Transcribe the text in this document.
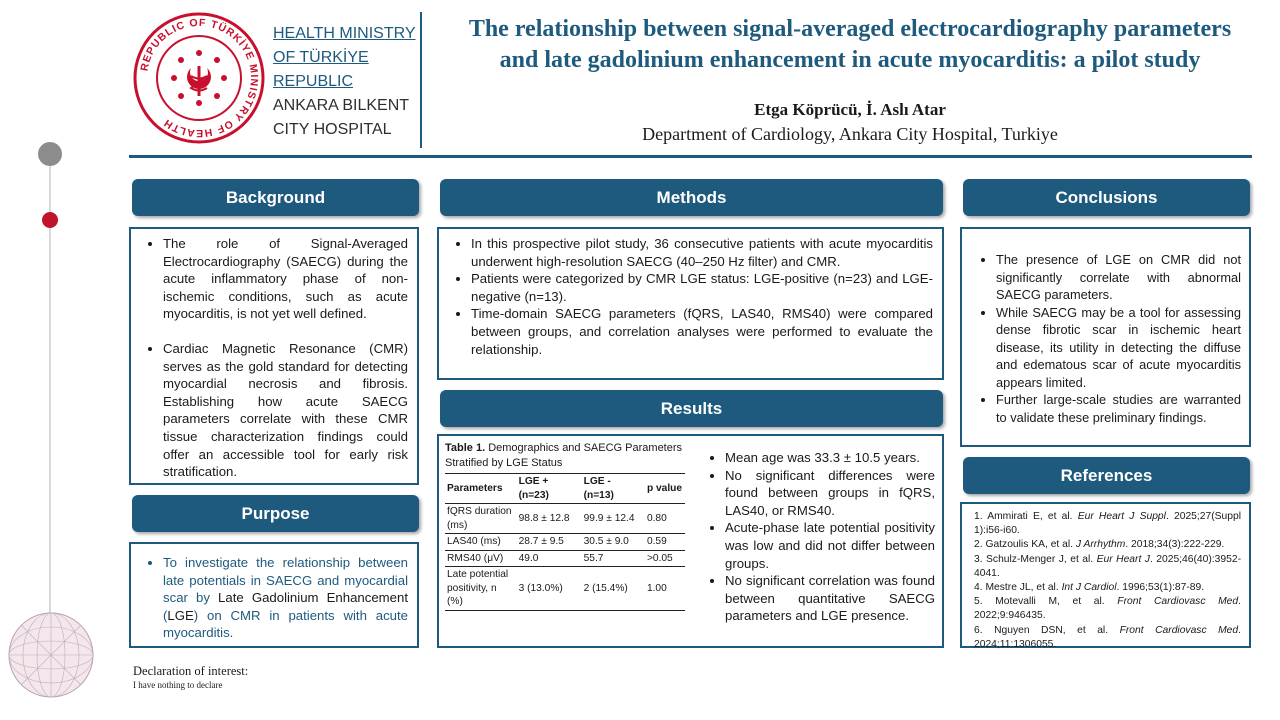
REPUBLIC OF TÜRKİYE MINISTRY OF HEALTH
HEALTH MINISTRY
OF TÜRKİYE
REPUBLIC
ANKARA BILKENT
CITY HOSPITAL
The relationship between signal-averaged electrocardiography parameters
and late gadolinium enhancement in acute myocarditis: a pilot study
Etga Köprücü, İ. Aslı Atar
Department of Cardiology, Ankara City Hospital, Turkiye
Background
• The role of Signal-Averaged Electrocardiography (SAECG) during the acute inflammatory phase of non-ischemic conditions, such as acute myocarditis, is not yet well defined.
• Cardiac Magnetic Resonance (CMR) serves as the gold standard for detecting myocardial necrosis and fibrosis. Establishing how acute SAECG parameters correlate with these CMR tissue characterization findings could offer an accessible tool for early risk stratification.
Purpose
• To investigate the relationship between late potentials in SAECG and myocardial scar by Late Gadolinium Enhancement (LGE) on CMR in patients with acute myocarditis.
Methods
• In this prospective pilot study, 36 consecutive patients with acute myocarditis underwent high-resolution SAECG (40–250 Hz filter) and CMR.
• Patients were categorized by CMR LGE status: LGE-positive (n=23) and LGE-negative (n=13).
• Time-domain SAECG parameters (fQRS, LAS40, RMS40) were compared between groups, and correlation analyses were performed to evaluate the relationship.
Results
Table 1. Demographics and SAECG Parameters Stratified by LGE Status
Parameters	LGE + (n=23)	LGE - (n=13)	p value
fQRS duration (ms)	98.8 ± 12.8	99.9 ± 12.4	0.80
LAS40 (ms)	28.7 ± 9.5	30.5 ± 9.0	0.59
RMS40 (μV)	49.0	55.7	>0.05
Late potential positivity, n (%)	3 (13.0%)	2 (15.4%)	1.00
• Mean age was 33.3 ± 10.5 years.
• No significant differences were found between groups in fQRS, LAS40, or RMS40.
• Acute-phase late potential positivity was low and did not differ between groups.
• No significant correlation was found between quantitative SAECG parameters and LGE presence.
Conclusions
• The presence of LGE on CMR did not significantly correlate with abnormal SAECG parameters.
• While SAECG may be a tool for assessing dense fibrotic scar in ischemic heart disease, its utility in detecting the diffuse and edematous scar of acute myocarditis appears limited.
• Further large-scale studies are warranted to validate these preliminary findings.
References
1. Ammirati E, et al. Eur Heart J Suppl. 2025;27(Suppl 1):i56-i60.
2. Gatzoulis KA, et al. J Arrhythm. 2018;34(3):222-229.
3. Schulz-Menger J, et al. Eur Heart J. 2025;46(40):3952-4041.
4. Mestre JL, et al. Int J Cardiol. 1996;53(1):87-89.
5. Motevalli M, et al. Front Cardiovasc Med. 2022;9:946435.
6. Nguyen DSN, et al. Front Cardiovasc Med. 2024;11:1306055.
Declaration of interest:
I have nothing to declare
